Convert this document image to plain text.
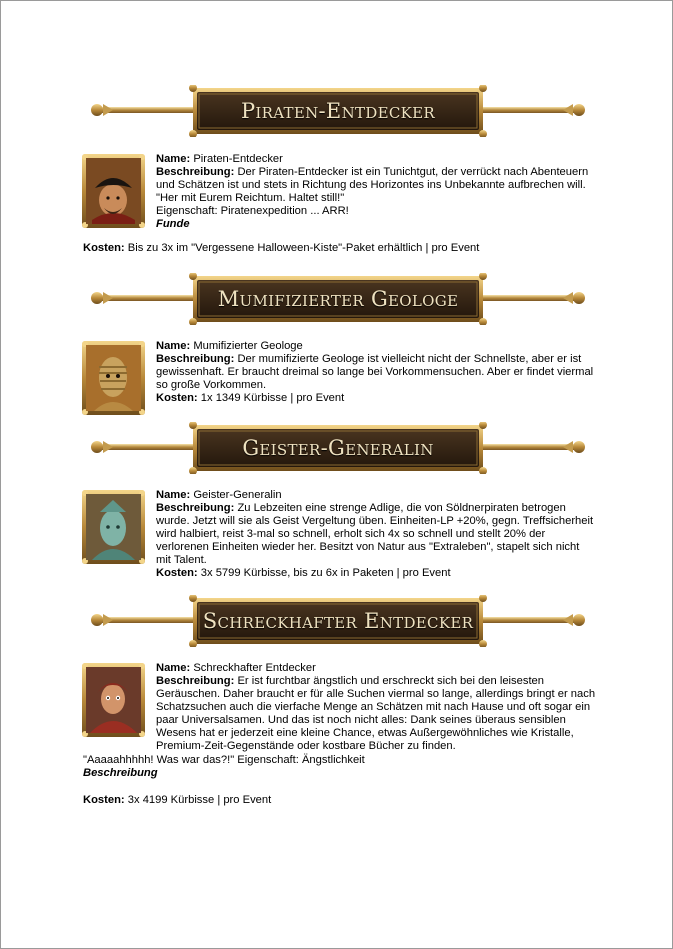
Piraten-Entdecker

Name: Piraten-Entdecker

Beschreibung: Der Piraten-Entdecker ist ein Tunichtgut, der verrückt nach Abenteuern und Schätzen ist und stets in Richtung des Horizontes ins Unbekannte aufbrechen will.

"Her mit Eurem Reichtum. Haltet still!"

Eigenschaft: Piratenexpedition ... ARR!

Funde

Kosten: Bis zu 3x im "Vergessene Halloween-Kiste"-Paket erhältlich | pro Event

Mumifizierter Geologe

Name: Mumifizierter Geologe

Beschreibung: Der mumifizierte Geologe ist vielleicht nicht der Schnellste, aber er ist gewissenhaft. Er braucht dreimal so lange bei Vorkommensuchen. Aber er findet viermal so große Vorkommen.

Kosten: 1x 1349 Kürbisse | pro Event

Geister-Generalin

Name: Geister-Generalin

Beschreibung: Zu Lebzeiten eine strenge Adlige, die von Söldnerpiraten betrogen wurde. Jetzt will sie als Geist Vergeltung üben. Einheiten-LP +20%, gegn. Treffsicherheit wird halbiert, reist 3-mal so schnell, erholt sich 4x so schnell und stellt 20% der verlorenen Einheiten wieder her. Besitzt von Natur aus "Extraleben", stapelt sich nicht mit Talent.

Kosten: 3x 5799 Kürbisse, bis zu 6x in Paketen | pro Event

Schreckhafter Entdecker

Name: Schreckhafter Entdecker

Beschreibung: Er ist furchtbar ängstlich und erschreckt sich bei den leisesten Geräuschen. Daher braucht er für alle Suchen viermal so lange, allerdings bringt er nach Schatzsuchen auch die vierfache Menge an Schätzen mit nach Hause und oft sogar ein paar Universalsamen. Und das ist noch nicht alles: Dank seines überaus sensiblen Wesens hat er jederzeit eine kleine Chance, etwas Außergewöhnliches wie Kristalle, Premium-Zeit-Gegenstände oder kostbare Bücher zu finden.

"Aaaaahhhhh! Was war das?!" Eigenschaft: Ängstlichkeit

Beschreibung

Kosten: 3x 4199 Kürbisse | pro Event
